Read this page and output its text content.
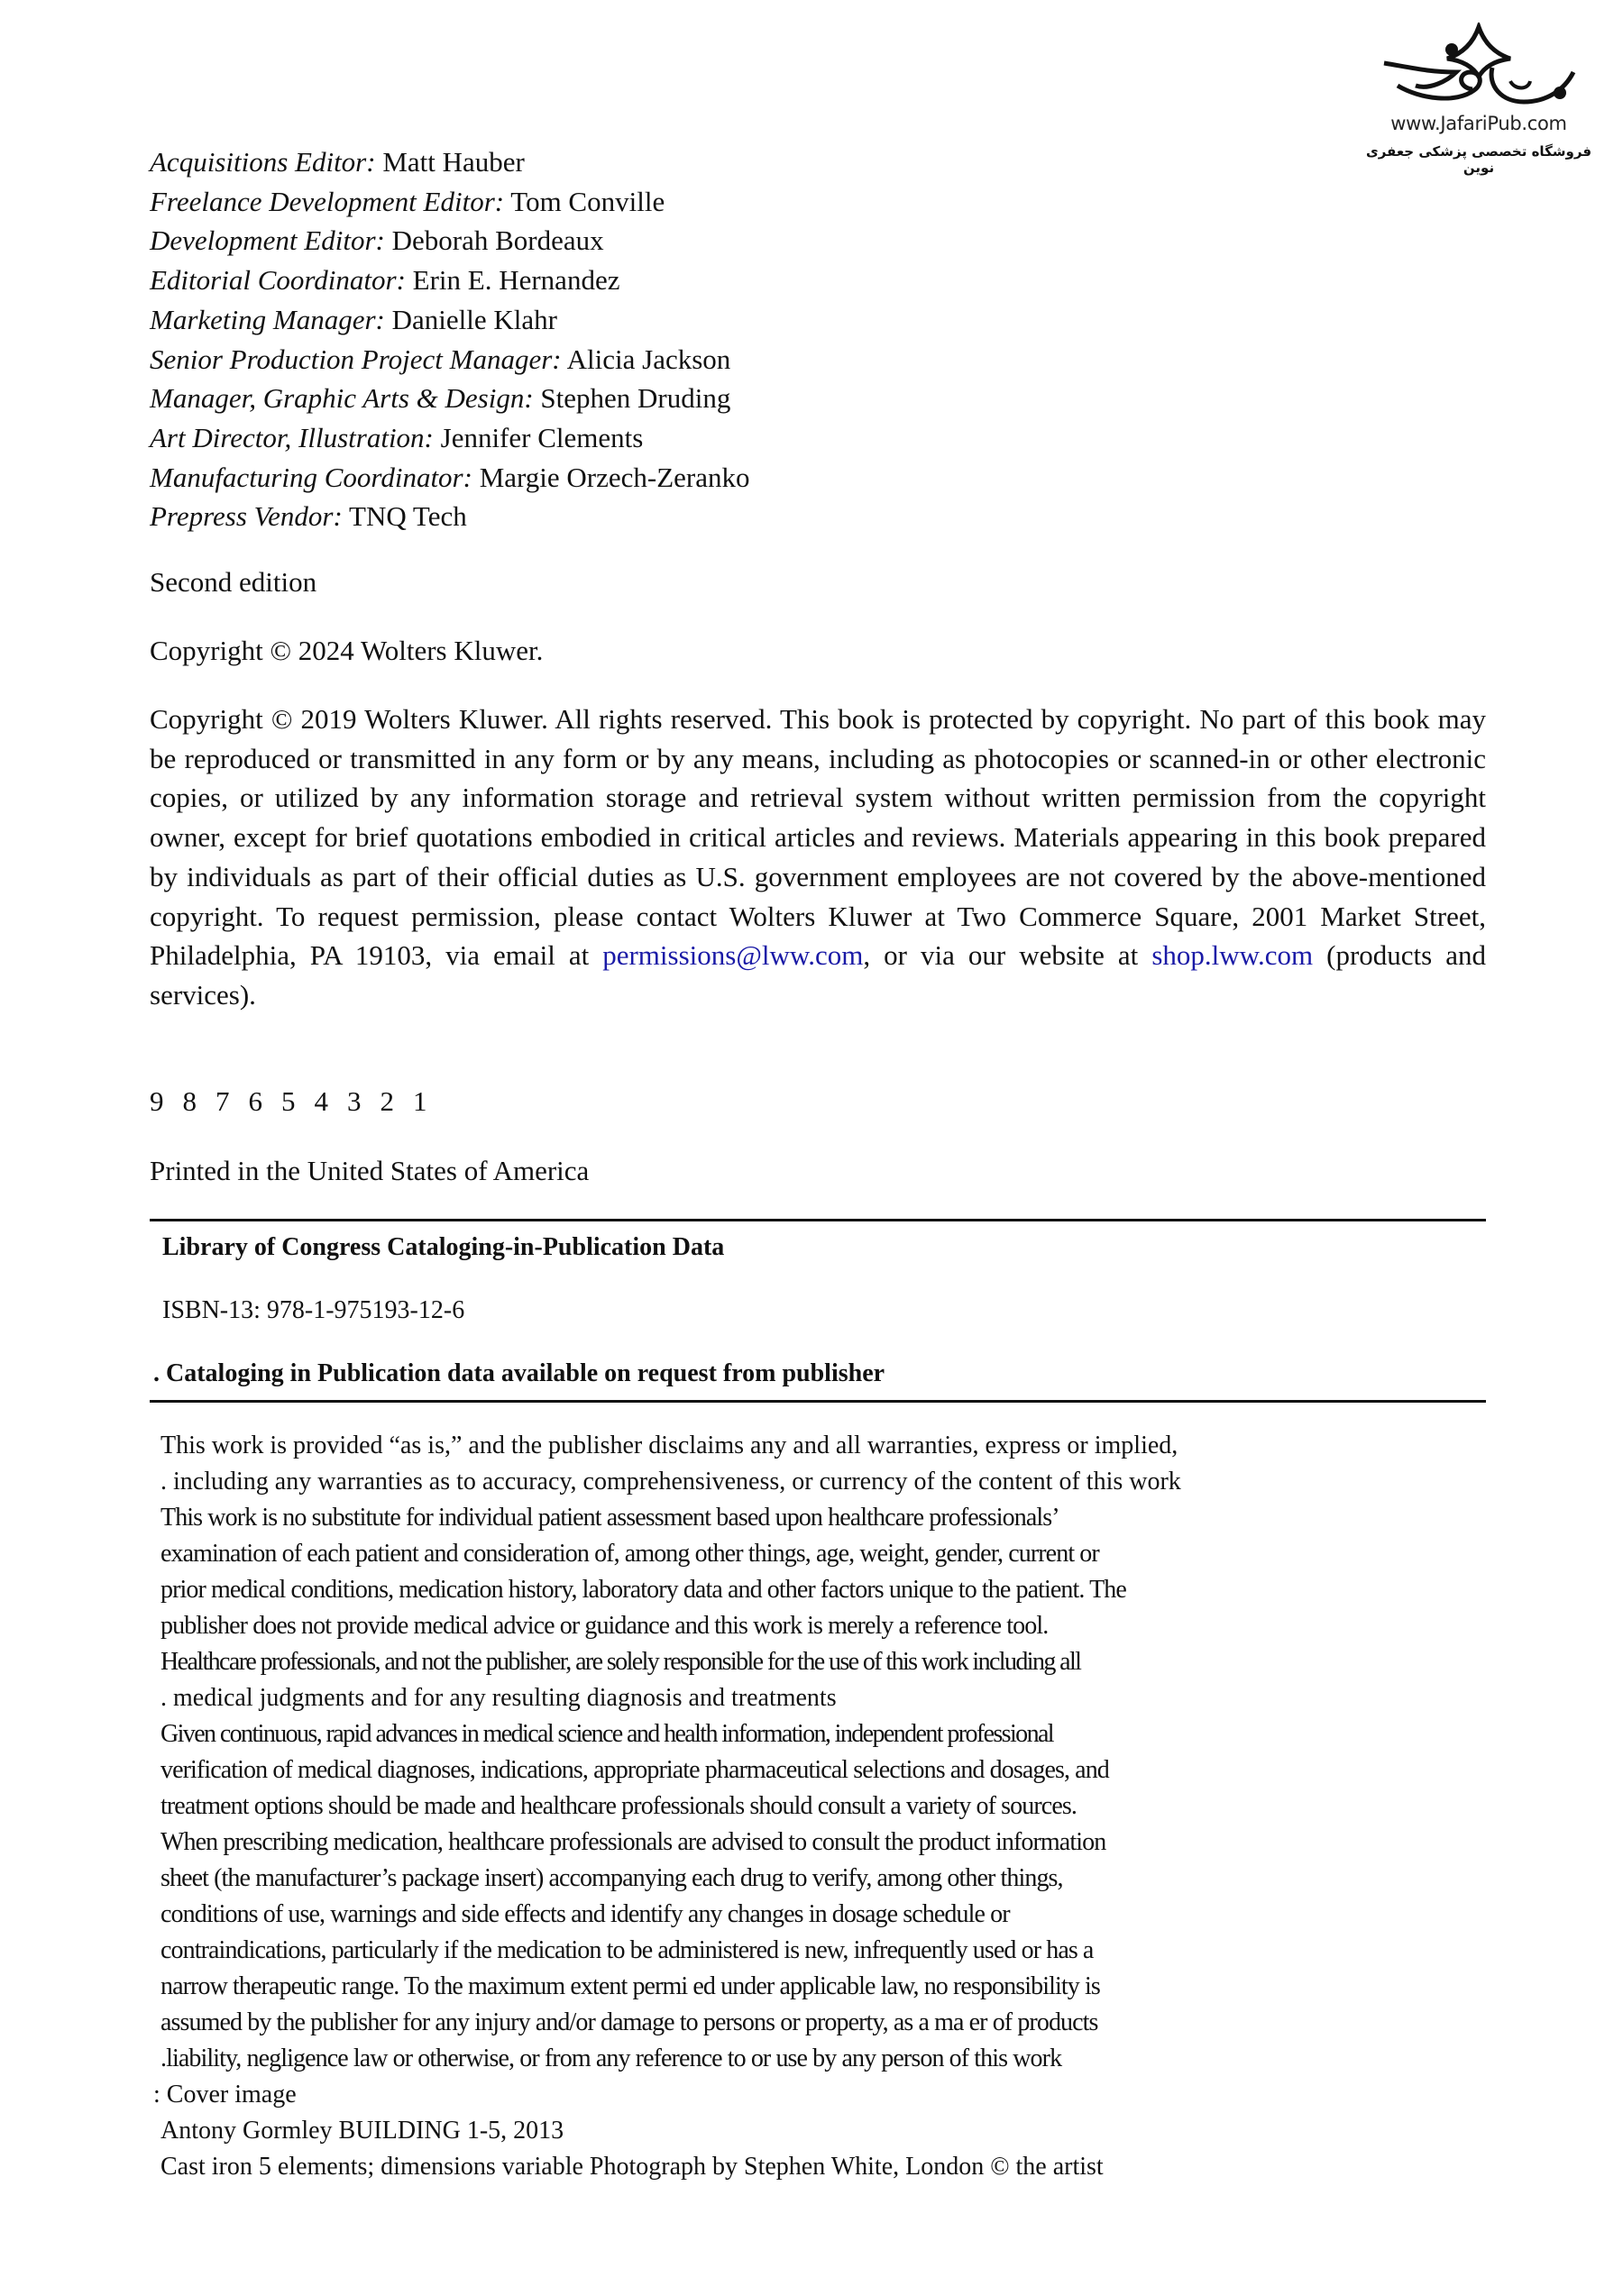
www.JafariPub.com
فروشگاه تخصصی پزشکی جعفری نوین
Acquisitions Editor: Matt Hauber
Freelance Development Editor: Tom Conville
Development Editor: Deborah Bordeaux
Editorial Coordinator: Erin E. Hernandez
Marketing Manager: Danielle Klahr
Senior Production Project Manager: Alicia Jackson
Manager, Graphic Arts & Design: Stephen Druding
Art Director, Illustration: Jennifer Clements
Manufacturing Coordinator: Margie Orzech-Zeranko
Prepress Vendor: TNQ Tech
Second edition
Copyright © 2024 Wolters Kluwer.
Copyright © 2019 Wolters Kluwer. All rights reserved. This book is protected by copyright. No part of this book may be reproduced or transmitted in any form or by any means, including as photocopies or scanned-in or other electronic copies, or utilized by any information storage and retrieval system without written permission from the copyright owner, except for brief quotations embodied in critical articles and reviews. Materials appearing in this book prepared by individuals as part of their official duties as U.S. government employees are not covered by the above-mentioned copyright. To request permission, please contact Wolters Kluwer at Two Commerce Square, 2001 Market Street, Philadelphia, PA 19103, via email at permissions@lww.com, or via our website at shop.lww.com (products and services).
9 8 7 6 5 4 3 2 1
Printed in the United States of America
Library of Congress Cataloging-in-Publication Data
ISBN-13: 978-1-975193-12-6
. Cataloging in Publication data available on request from publisher
This work is provided “as is,” and the publisher disclaims any and all warranties, express or implied,
. including any warranties as to accuracy, comprehensiveness, or currency of the content of this work
This work is no substitute for individual patient assessment based upon healthcare professionals’
examination of each patient and consideration of, among other things, age, weight, gender, current or
prior medical conditions, medication history, laboratory data and other factors unique to the patient. The
publisher does not provide medical advice or guidance and this work is merely a reference tool.
Healthcare professionals, and not the publisher, are solely responsible for the use of this work including all
. medical judgments and for any resulting diagnosis and treatments
Given continuous, rapid advances in medical science and health information, independent professional
verification of medical diagnoses, indications, appropriate pharmaceutical selections and dosages, and
treatment options should be made and healthcare professionals should consult a variety of sources.
When prescribing medication, healthcare professionals are advised to consult the product information
sheet (the manufacturer’s package insert) accompanying each drug to verify, among other things,
conditions of use, warnings and side effects and identify any changes in dosage schedule or
contraindications, particularly if the medication to be administered is new, infrequently used or has a
narrow therapeutic range. To the maximum extent permi ed under applicable law, no responsibility is
assumed by the publisher for any injury and/or damage to persons or property, as a ma er of products
.liability, negligence law or otherwise, or from any reference to or use by any person of this work
: Cover image
Antony Gormley BUILDING 1-5, 2013
Cast iron 5 elements; dimensions variable Photograph by Stephen White, London © the artist
